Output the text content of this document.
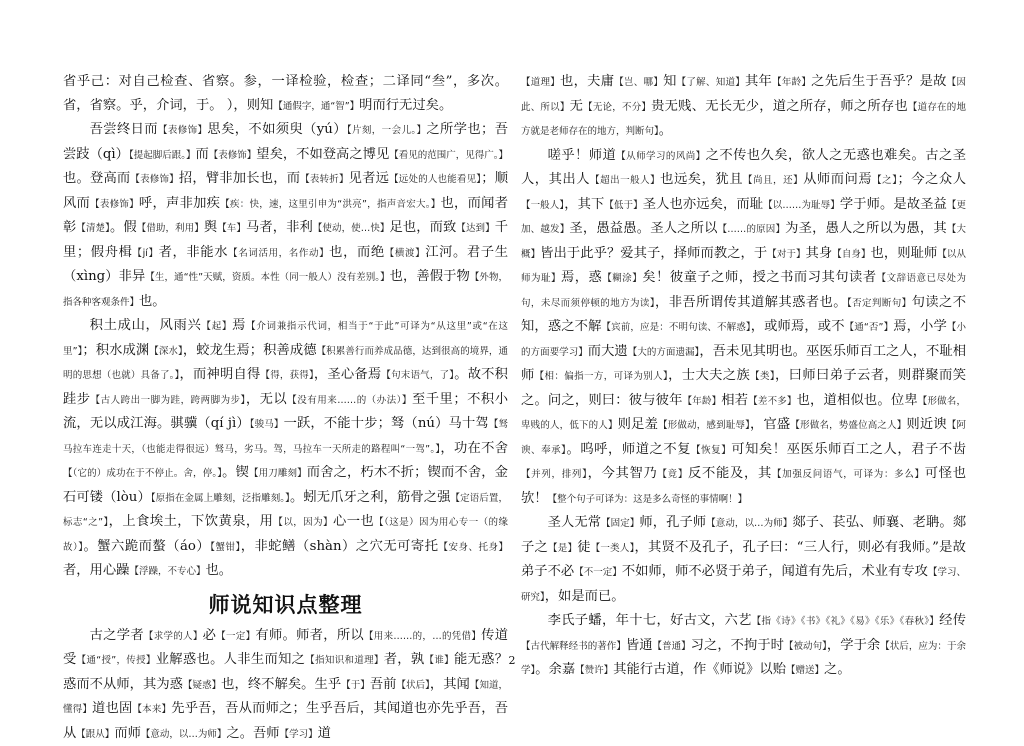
省乎己：对自己检查、省察。参，一译检验，检查；二译同“叁”，多次。省，省察。乎，介词，于。 ），则知【通假字，通“智”】明而行无过矣。

吾尝终日而【表修饰】思矣，不如须臾（yú）【片刻，一会儿。】之所学也；吾尝跂（qì）【提起脚后跟。】而【表修饰】望矣，不如登高之博见【看见的范围广，见得广。】也。登高而【表修饰】招，臂非加长也，而【表转折】见者远【远处的人也能看见】；顺风而【表修饰】呼，声非加疾【疾：快，速，这里引申为“洪亮”，指声音宏大。】也，而闻者彰【清楚】。假【借助，利用】舆【车】马者，非利【使动，使…快】足也，而致【达到】千里；假舟楫【jí】者，非能水【名词活用，名作动】也，而绝【横渡】江河。君子生（xìng）非异【生，通“性”天赋，资质。本性（同一般人）没有差别。】也，善假于物【外物，指各种客观条件】也。

积土成山，风雨兴【起】焉【介词兼指示代词，相当于“于此”可译为“从这里”或“在这里”】；积水成渊【深水】，蛟龙生焉；积善成德【积累善行而养成品德，达到很高的境界，通明的思想（也就）具备了。】，而神明自得【得，获得】，圣心备焉【句末语气，了】。故不积跬步【古人跨出一脚为跬，跨两脚为步】，无以【没有用来……的（办法）】至千里；不积小流，无以成江海。骐骥（qí jì）【骏马】一跃，不能十步；驽（nú）马十驾【驽马拉车连走十天，（也能走得很远）驽马，劣马。驾，马拉车一天所走的路程叫“一驾”。】，功在不舍【（它的）成功在于不停止。舍，停。】。锲【用刀雕刻】而舍之，朽木不折；锲而不舍，金石可镂（lòu）【原指在金属上雕刻，泛指雕刻。】。蚓无爪牙之利，筋骨之强【定语后置，标志“之”】，上食埃土，下饮黄泉，用【以，因为】心一也【（这是）因为用心专一（的缘故）】。蟹六跪而螯（áo）【蟹钳】，非蛇鳝（shàn）之穴无可寄托【安身、托身】者，用心躁【浮躁，不专心】也。

师说知识点整理

古之学者【求学的人】必【一定】有师。师者，所以【用来……的，…的凭借】传道受【通“授”，传授】业解惑也。人非生而知之【指知识和道理】者，孰【谁】能无惑？惑而不从师，其为惑【疑惑】也，终不解矣。生乎【于】吾前【状后】，其闻【知道，懂得】道也固【本来】先乎吾，吾从而师之；生乎吾后，其闻道也亦先乎吾，吾从【跟从】而师【意动，以…为师】之。吾师【学习】道

【道理】也，夫庸【岂、哪】知【了解、知道】其年【年龄】之先后生于吾乎？是故【因此、所以】无【无论，不分】贵无贱、无长无少，道之所存，师之所存也【道存在的地方就是老师存在的地方，判断句】。

嗟乎！师道【从师学习的风尚】之不传也久矣，欲人之无惑也难矣。古之圣人，其出人【超出一般人】也远矣，犹且【尚且，还】从师而问焉【之】；今之众人【一般人】，其下【低于】圣人也亦远矣，而耻【以……为耻辱】学于师。是故圣益【更加、越发】圣，愚益愚。圣人之所以【……的原因】为圣，愚人之所以为愚，其【大概】皆出于此乎？爱其子，择师而教之，于【对于】其身【自身】也，则耻师【以从师为耻】焉，惑【糊涂】矣！彼童子之师，授之书而习其句读者【文辞语意已尽处为句，未尽而须停顿的地方为读】，非吾所谓传其道解其惑者也。【否定判断句】句读之不知，惑之不解【宾前，应是：不明句读、不解惑】，或师焉，或不【通“否”】焉，小学【小的方面要学习】而大遗【大的方面遗漏】，吾未见其明也。巫医乐师百工之人，不耻相师【相：偏指一方，可译为别人】，士大夫之族【类】，曰师曰弟子云者，则群聚而笑之。问之，则曰：彼与彼年【年龄】相若【差不多】也，道相似也。位卑【形做名，卑贱的人，低下的人】则足羞【形做动，感到耻辱】，官盛【形做名，势盛位高之人】则近谀【阿谀、奉承】。呜呼，师道之不复【恢复】可知矣！巫医乐师百工之人，君子不齿【并列，排列】，今其智乃【竟】反不能及，其【加强反问语气，可译为：多么】可怪也欤！【整个句子可译为：这是多么奇怪的事情啊！】

圣人无常【固定】师，孔子师【意动，以…为师】郯子、苌弘、师襄、老聃。郯子之【是】徒【一类人】，其贤不及孔子，孔子曰：“三人行，则必有我师。”是故弟子不必【不一定】不如师，师不必贤于弟子，闻道有先后，术业有专攻【学习、研究】，如是而已。

李氏子蟠，年十七，好古文，六艺【指《诗》《书》《礼》《易》《乐》《春秋》】经传【古代解释经书的著作】皆通【普通】习之，不拘于时【被动句】，学于余【状后，应为：于余学】。余嘉【赞许】其能行古道，作《师说》以贻【赠送】之。

2
